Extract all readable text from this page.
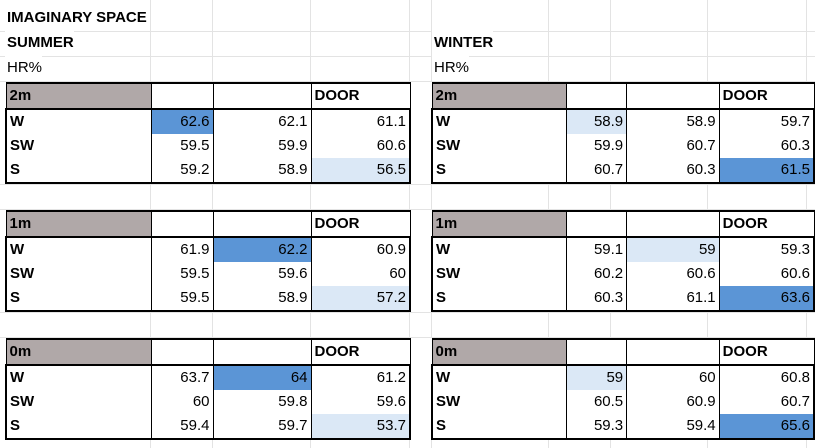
IMAGINARY SPACE
SUMMER
HR%
WINTER
HR%
2m			DOOR
W	62.6	62.1	61.1
SW	59.5	59.9	60.6
S	59.2	58.9	56.5
1m			DOOR
W	61.9	62.2	60.9
SW	59.5	59.6	60
S	59.5	58.9	57.2
0m			DOOR
W	63.7	64	61.2
SW	60	59.8	59.6
S	59.4	59.7	53.7
2m			DOOR
W	58.9	58.9	59.7
SW	59.9	60.7	60.3
S	60.7	60.3	61.5
1m			DOOR
W	59.1	59	59.3
SW	60.2	60.6	60.6
S	60.3	61.1	63.6
0m			DOOR
W	59	60	60.8
SW	60.5	60.9	60.7
S	59.3	59.4	65.6
